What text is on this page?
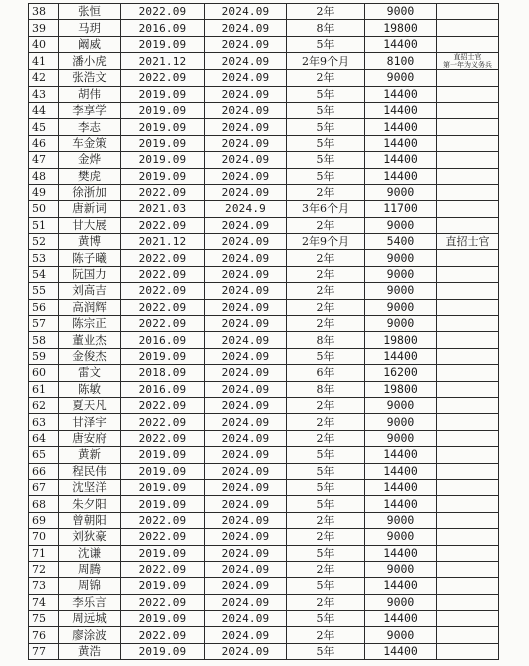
38	张恒	2022.09	2024.09	2年	9000	
39	马玥	2016.09	2024.09	8年	19800	
40	阚威	2019.09	2024.09	5年	14400	
41	潘小虎	2021.12	2024.09	2年9个月	8100	直招士官
第一年为义务兵

42	张浩文	2022.09	2024.09	2年	9000	
43	胡伟	2019.09	2024.09	5年	14400	
44	李享学	2019.09	2024.09	5年	14400	
45	李志	2019.09	2024.09	5年	14400	
46	车金策	2019.09	2024.09	5年	14400	
47	金烨	2019.09	2024.09	5年	14400	
48	樊虎	2019.09	2024.09	5年	14400	
49	徐浙加	2022.09	2024.09	2年	9000	
50	唐新词	2021.03	2024.9	3年6个月	11700	
51	甘大展	2022.09	2024.09	2年	9000	
52	黄博	2021.12	2024.09	2年9个月	5400	直招士官
53	陈子曦	2022.09	2024.09	2年	9000	
54	阮国力	2022.09	2024.09	2年	9000	
55	刘高吉	2022.09	2024.09	2年	9000	
56	高润辉	2022.09	2024.09	2年	9000	
57	陈宗正	2022.09	2024.09	2年	9000	
58	董业杰	2016.09	2024.09	8年	19800	
59	金俊杰	2019.09	2024.09	5年	14400	
60	雷文	2018.09	2024.09	6年	16200	
61	陈敏	2016.09	2024.09	8年	19800	
62	夏天凡	2022.09	2024.09	2年	9000	
63	甘泽宇	2022.09	2024.09	2年	9000	
64	唐安府	2022.09	2024.09	2年	9000	
65	黄新	2019.09	2024.09	5年	14400	
66	程民伟	2019.09	2024.09	5年	14400	
67	沈坚洋	2019.09	2024.09	5年	14400	
68	朱夕阳	2019.09	2024.09	5年	14400	
69	曾朝阳	2022.09	2024.09	2年	9000	
70	刘狄豪	2022.09	2024.09	2年	9000	
71	沈谦	2019.09	2024.09	5年	14400	
72	周腾	2022.09	2024.09	2年	9000	
73	周锦	2019.09	2024.09	5年	14400	
74	李乐言	2022.09	2024.09	2年	9000	
75	周远城	2019.09	2024.09	5年	14400	
76	廖涂波	2022.09	2024.09	2年	9000	
77	黄浩	2019.09	2024.09	5年	14400	
